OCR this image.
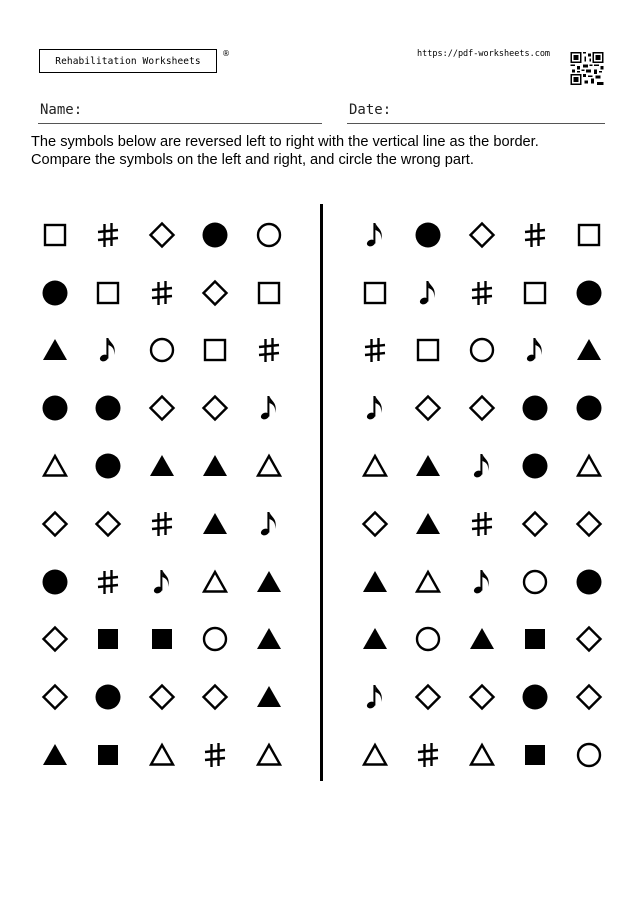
Rehabilitation Worksheets
®	https://pdf-worksheets.com
Name:	Date:
The symbols below are reversed left to right with the vertical line as the border.
Compare the symbols on the left and right, and circle the wrong part.
